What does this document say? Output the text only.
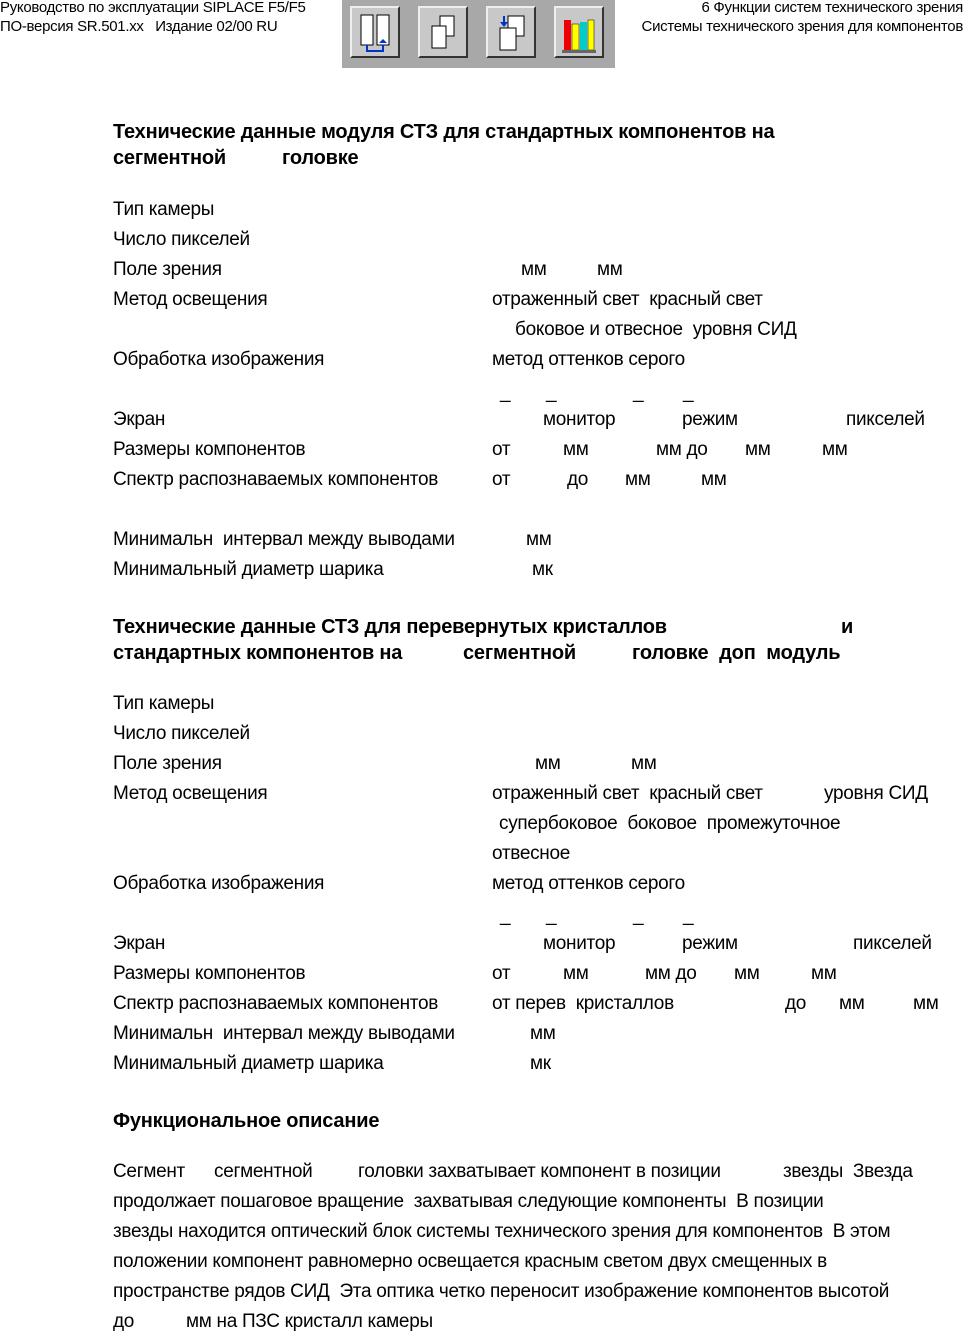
Руководство по эксплуатации SIPLACE F5/F5
ПО-версия SR.501.xx   Издание 02/00 RU
6 Функции систем технического зрения
Системы технического зрения для компонентов
Технические данные модуля СТЗ для стандартных компонентов на
сегментной	головке
Тип камеры
Число пикселей
Поле зрения	мм	мм
Метод освещения	отраженный свет  красный свет
боковое и отвесное  уровня СИД
Обработка изображения	метод оттенков серого
_ _	_ _
Экран	монитор	режим	пикселей
Размеры компонентов	от	мм	мм до мм	мм
Спектр распознаваемых компонентов	от	до мм	мм
Минимальн  интервал между выводами	мм
Минимальный диаметр шарика	мк
Технические данные СТЗ для перевернутых кристаллов	и
стандартных компонентов на	сегментной	головке  доп  модуль
Тип камеры
Число пикселей
Поле зрения	мм	мм
Метод освещения	отраженный свет  красный свет	уровня СИД
супербоковое  боковое  промежуточное
отвесное
Обработка изображения	метод оттенков серого
_ _	_ _
Экран	монитор	режим	пикселей
Размеры компонентов	от	мм	мм до мм	мм
Спектр распознаваемых компонентов	от перев  кристаллов	до мм	мм
Минимальн  интервал между выводами	мм
Минимальный диаметр шарика	мк
Функциональное описание
Сегмент сегментной головки захватывает компонент в позиции	звезды  Звезда
продолжает пошаговое вращение  захватывая следующие компоненты  В позиции
звезды находится оптический блок системы технического зрения для компонентов  В этом
положении компонент равномерно освещается красным светом двух смещенных в
пространстве рядов СИД  Эта оптика четко переносит изображение компонентов высотой
до	мм на ПЗС кристалл камеры
